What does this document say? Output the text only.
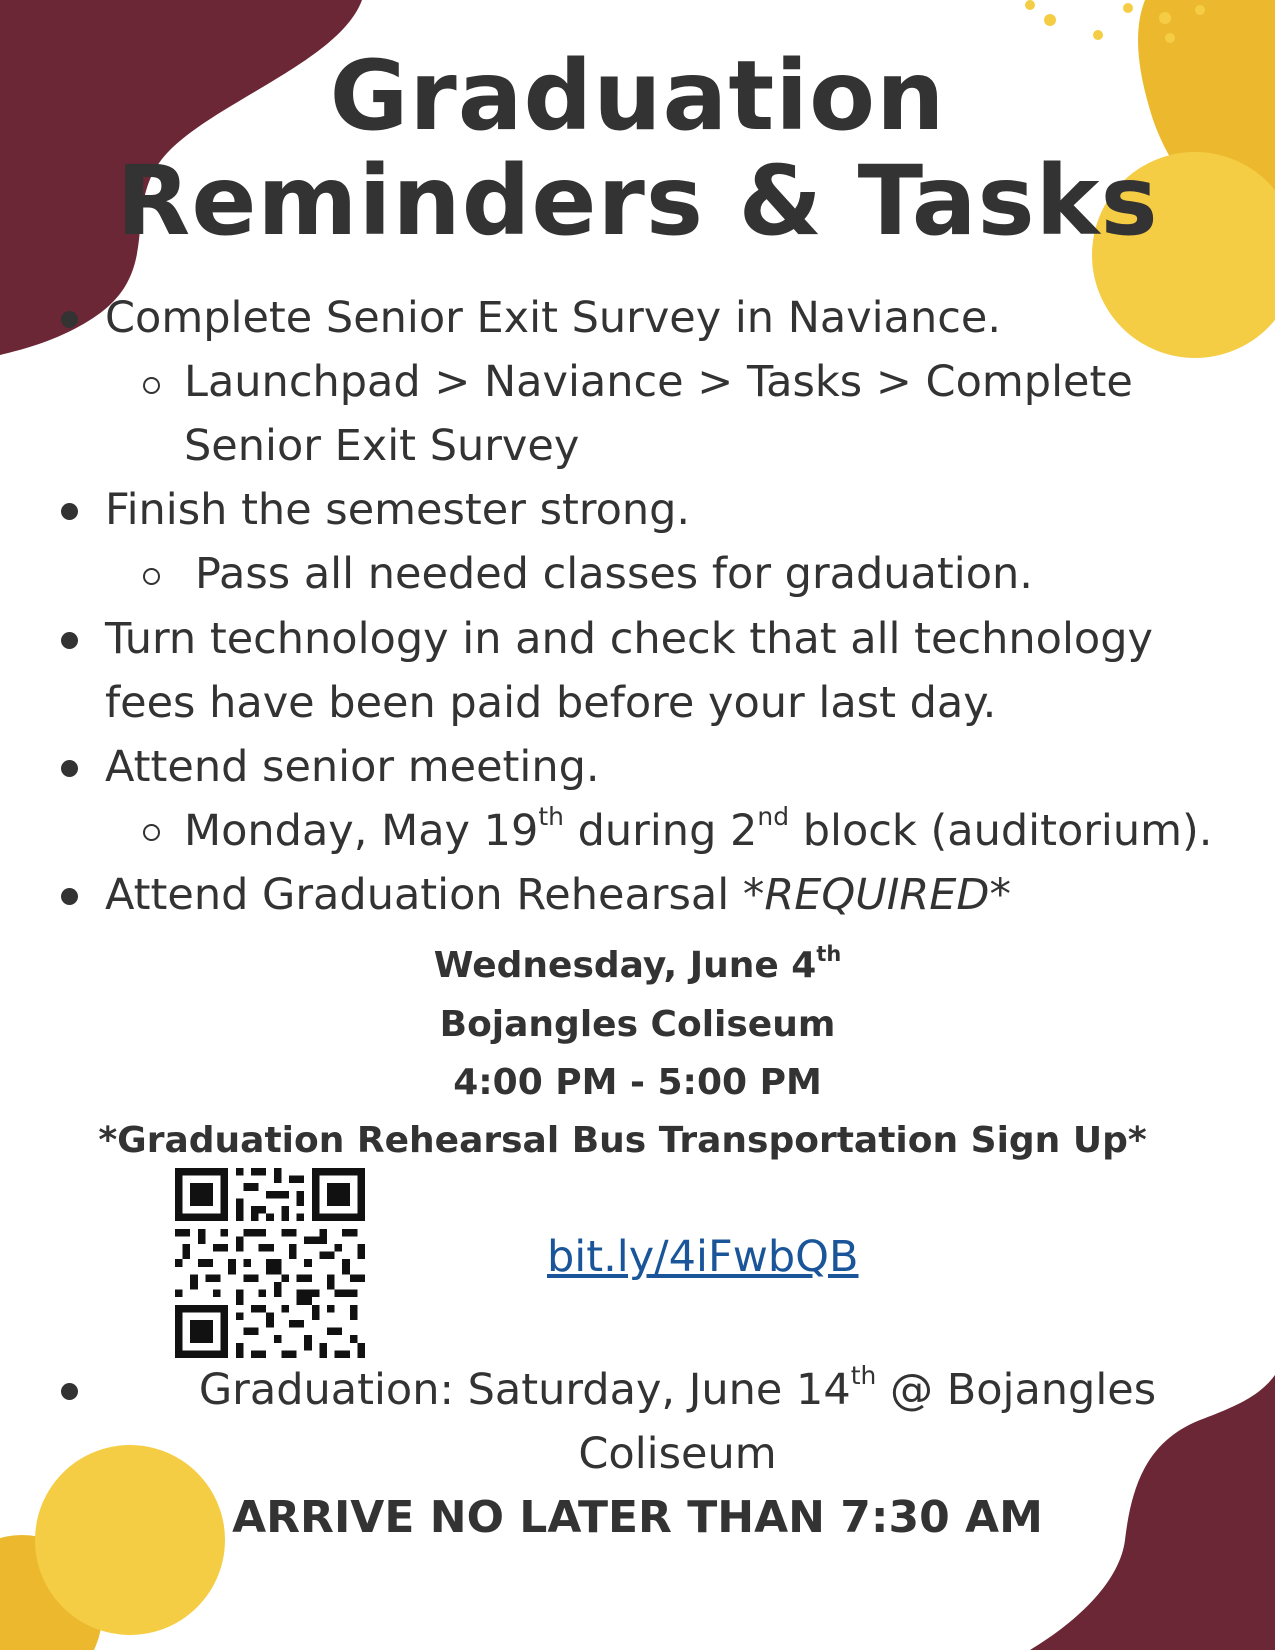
Graduation
Reminders & Tasks
Complete Senior Exit Survey in Naviance.
Launchpad > Naviance > Tasks > Complete
Senior Exit Survey
Finish the semester strong.
Pass all needed classes for graduation.
Turn technology in and check that all technology
fees have been paid before your last day.
Attend senior meeting.
Monday, May 19th during 2nd block (auditorium).
Attend Graduation Rehearsal *REQUIRED*
Wednesday, June 4th
Bojangles Coliseum
4:00 PM - 5:00 PM
*Graduation Rehearsal Bus Transportation Sign Up*
bit.ly/4iFwbQB
Graduation: Saturday, June 14th @ Bojangles
Coliseum
ARRIVE NO LATER THAN 7:30 AM
